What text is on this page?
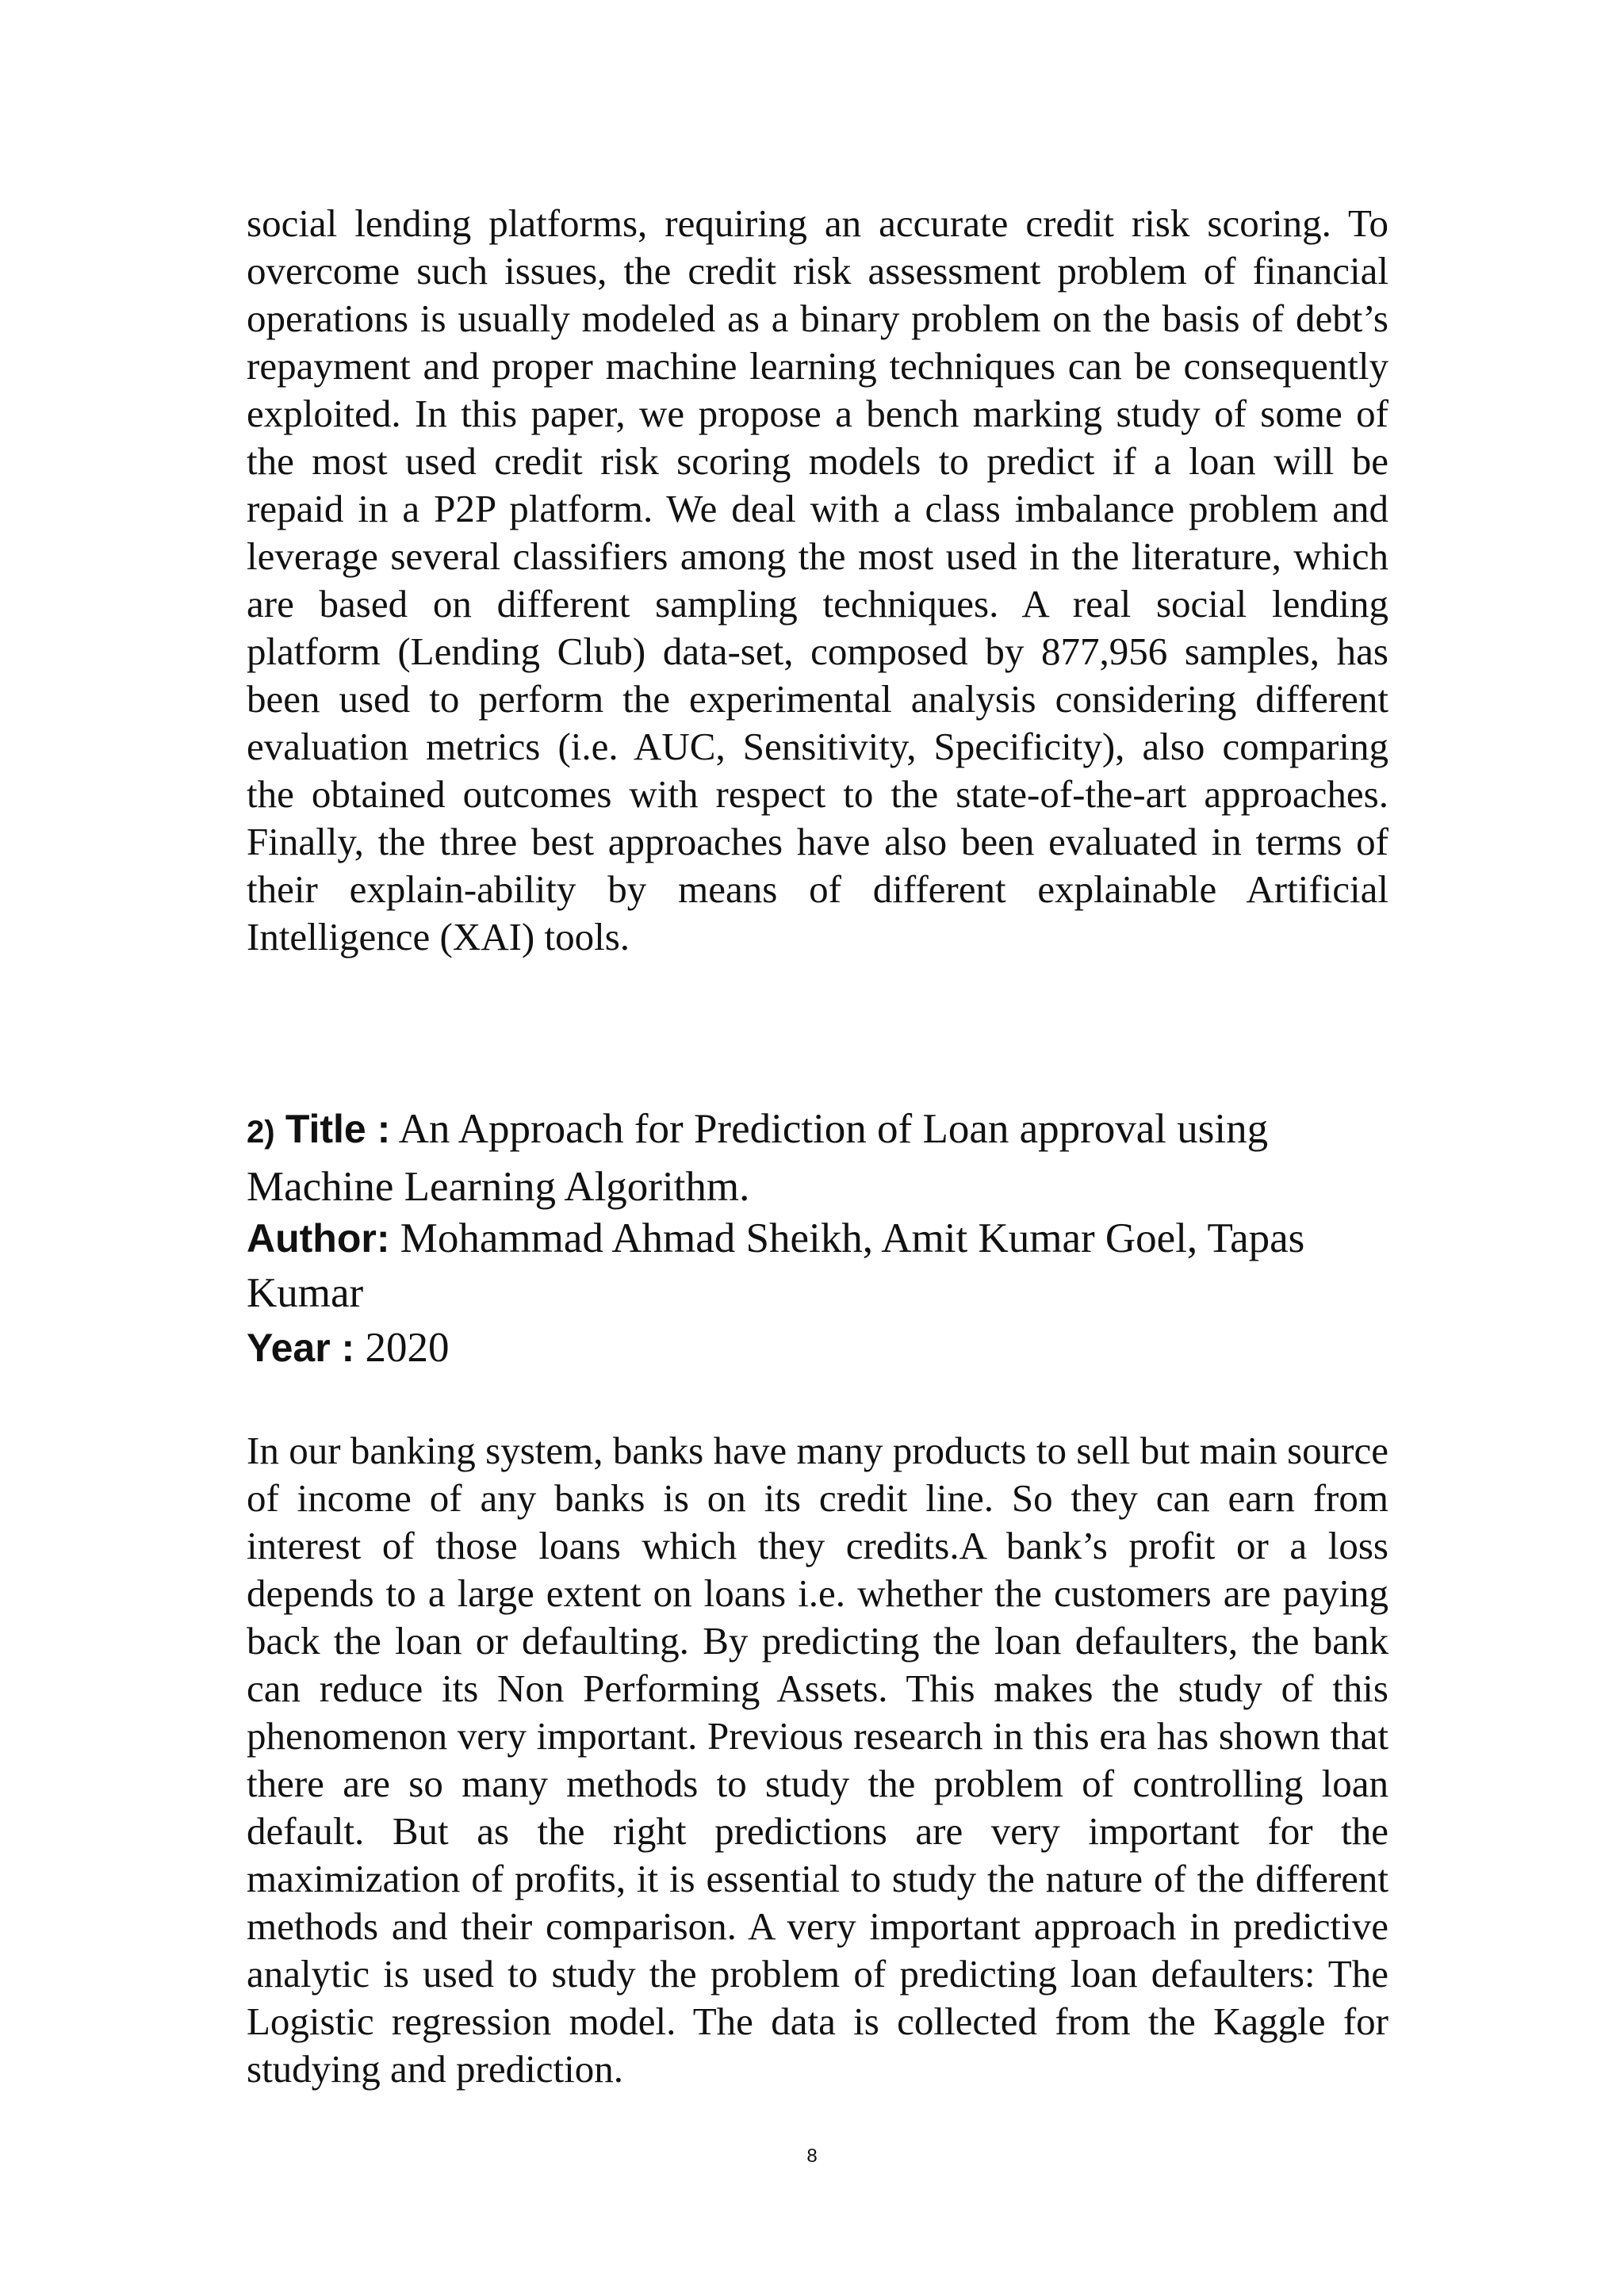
social lending platforms, requiring an accurate credit risk scoring. To overcome such issues, the credit risk assessment problem of financial operations is usually modeled as a binary problem on the basis of debt’s repayment and proper machine learning techniques can be consequently exploited. In this paper, we propose a bench marking study of some of the most used credit risk scoring models to predict if a loan will be repaid in a P2P platform. We deal with a class imbalance problem and leverage several classifiers among the most used in the literature, which are based on different sampling techniques. A real social lending platform (Lending Club) data-set, composed by 877,956 samples, has been used to perform the experimental analysis considering different evaluation metrics (i.e. AUC, Sensitivity, Specificity), also comparing the obtained outcomes with respect to the state-of-the-art approaches. Finally, the three best approaches have also been evaluated in terms of their explain-ability by means of different explainable Artificial Intelligence (XAI) tools.

2) Title : An Approach for Prediction of Loan approval using Machine Learning Algorithm.
Author: Mohammad Ahmad Sheikh, Amit Kumar Goel, Tapas Kumar
Year : 2020

In our banking system, banks have many products to sell but main source of income of any banks is on its credit line. So they can earn from interest of those loans which they credits.A bank’s profit or a loss depends to a large extent on loans i.e. whether the customers are paying back the loan or defaulting. By predicting the loan defaulters, the bank can reduce its Non Performing Assets. This makes the study of this phenomenon very important. Previous research in this era has shown that there are so many methods to study the problem of controlling loan default. But as the right predictions are very important for the maximization of profits, it is essential to study the nature of the different methods and their comparison. A very important approach in predictive analytic is used to study the problem of predicting loan defaulters: The Logistic regression model. The data is collected from the Kaggle for studying and prediction.

8
